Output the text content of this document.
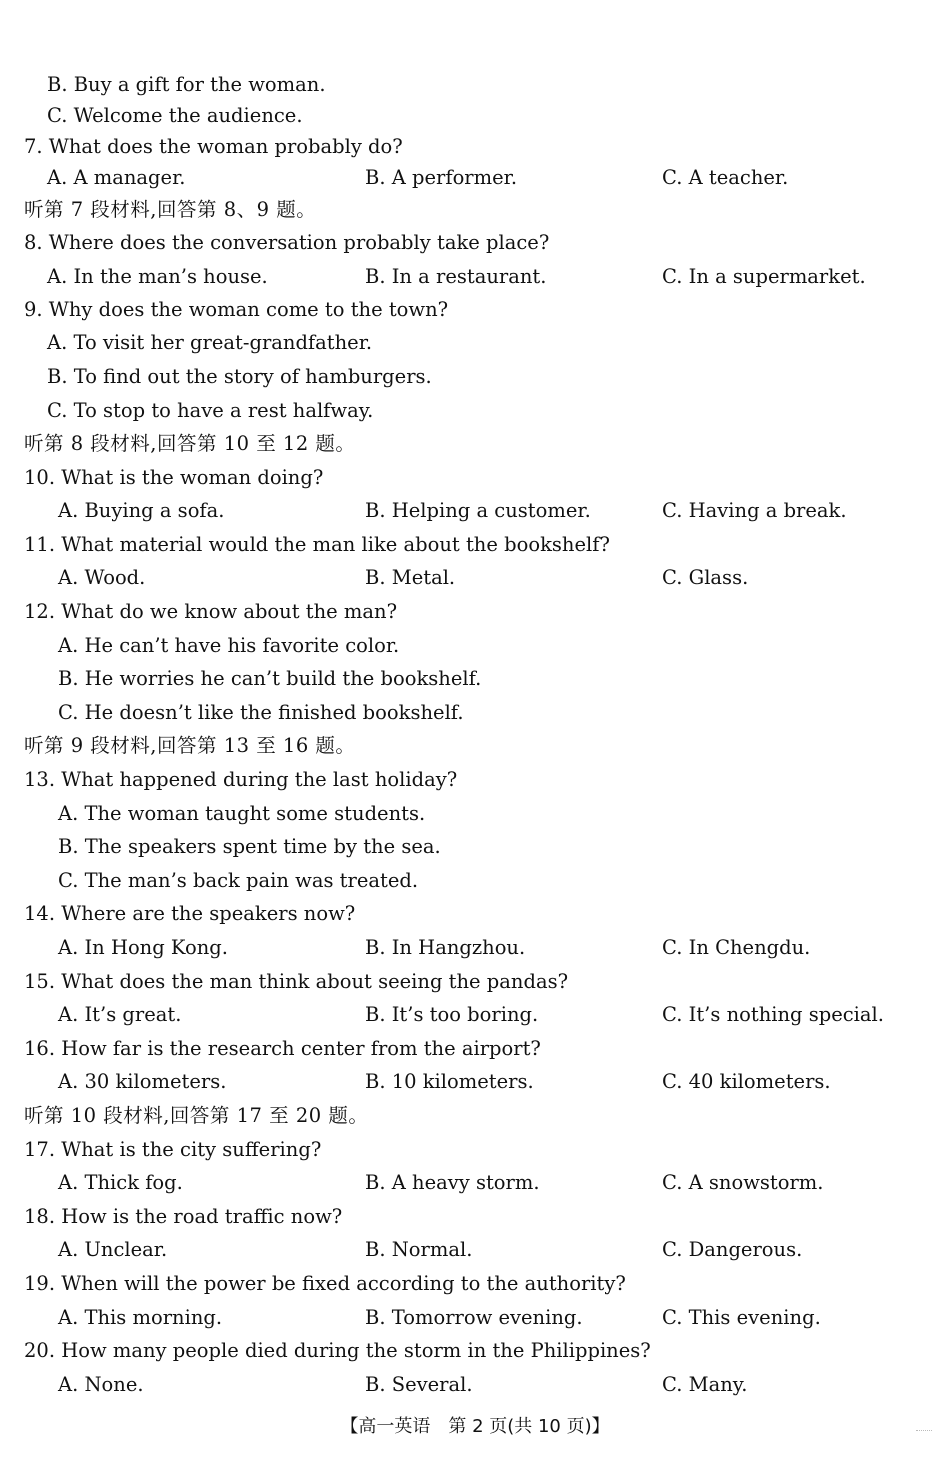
B. Buy a gift for the woman.
C. Welcome the audience.
7. What does the woman probably do?
A. A manager.	B. A performer.	C. A teacher.
听第 7 段材料,回答第 8、9 题。
8. Where does the conversation probably take place?
A. In the man’s house.	B. In a restaurant.	C. In a supermarket.
9. Why does the woman come to the town?
A. To visit her great-grandfather.
B. To find out the story of hamburgers.
C. To stop to have a rest halfway.
听第 8 段材料,回答第 10 至 12 题。
10. What is the woman doing?
A. Buying a sofa.	B. Helping a customer.	C. Having a break.
11. What material would the man like about the bookshelf?
A. Wood.	B. Metal.	C. Glass.
12. What do we know about the man?
A. He can’t have his favorite color.
B. He worries he can’t build the bookshelf.
C. He doesn’t like the finished bookshelf.
听第 9 段材料,回答第 13 至 16 题。
13. What happened during the last holiday?
A. The woman taught some students.
B. The speakers spent time by the sea.
C. The man’s back pain was treated.
14. Where are the speakers now?
A. In Hong Kong.	B. In Hangzhou.	C. In Chengdu.
15. What does the man think about seeing the pandas?
A. It’s great.	B. It’s too boring.	C. It’s nothing special.
16. How far is the research center from the airport?
A. 30 kilometers.	B. 10 kilometers.	C. 40 kilometers.
听第 10 段材料,回答第 17 至 20 题。
17. What is the city suffering?
A. Thick fog.	B. A heavy storm.	C. A snowstorm.
18. How is the road traffic now?
A. Unclear.	B. Normal.	C. Dangerous.
19. When will the power be fixed according to the authority?
A. This morning.	B. Tomorrow evening.	C. This evening.
20. How many people died during the storm in the Philippines?
A. None.	B. Several.	C. Many.
【高一英语　第 2 页(共 10 页)】
